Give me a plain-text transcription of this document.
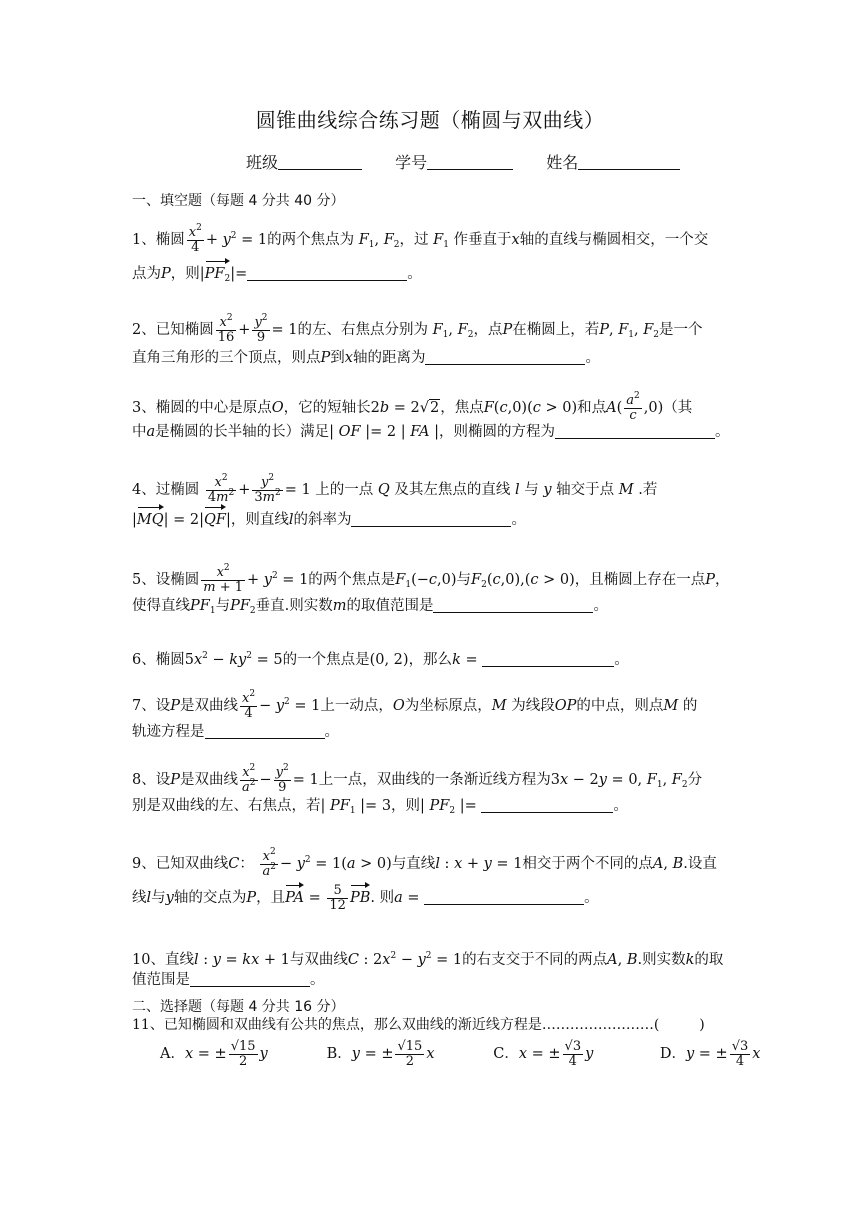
圆锥曲线综合练习题（椭圆与双曲线）
班级	学号	姓名
一、填空题（每题 4 分共 40 分）
1、椭圆 $\frac{x^2}{4} + y^2 = 1$的两个焦点为 $F_1$, $F_2$，过 $F_1$ 作垂直于x轴的直线与椭圆相交，一个交
点为P，则$|PF_2|=$	。
2、已知椭圆 $\frac{x^2}{16} + \frac{y^2}{9} = 1$的左、右焦点分别为 $F_1$, $F_2$，点P在椭圆上，若P, $F_1$, $F_2$是一个
直角三角形的三个顶点，则点P到x轴的距离为	。
3、椭圆的中心是原点O，它的短轴长2b = 2√2，焦点F(c,0)(c > 0)和点$A( \frac{a^2}{c} ,0)$（其
中a是椭圆的长半轴的长）满足| OF |= 2 | FA |，则椭圆的方程为	。
4、过椭圆 $\frac{x^2}{4m^2} + \frac{y^2}{3m^2} = 1$ 上的一点 Q 及其左焦点的直线 l 与 y 轴交于点 M .若
|MQ| = 2|QF|，则直线l的斜率为	。
5、设椭圆 $\frac{x^2}{m + 1} + y^2 = 1$的两个焦点是$F_1(-c,0)$与$F_2(c,0),(c > 0)$，且椭圆上存在一点P，
使得直线$PF_1$与$PF_2$垂直.则实数m的取值范围是	。
6、椭圆$5x^2 - ky^2 = 5$的一个焦点是(0, 2)，那么k =	。
7、设P是双曲线 $\frac{x^2}{4} - y^2 = 1$上一动点，O为坐标原点，M 为线段OP的中点，则点M 的
轨迹方程是	。
8、设P是双曲线 $\frac{x^2}{a^2} - \frac{y^2}{9} = 1$上一点，双曲线的一条渐近线方程为3x − 2y = 0, $F_1$, $F_2$分
别是双曲线的左、右焦点，若| $PF_1$ |= 3，则| $PF_2$ |=	。
9、已知双曲线C： $\frac{x^2}{a^2} - y^2 = 1(a > 0)$与直线l : x + y = 1相交于两个不同的点A, B.设直
线l与y轴的交点为P，且PA = $\frac{5}{12}$ PB. 则a =	。
10、直线l : y = kx + 1与双曲线C : $2x^2 - y^2 = 1$的右支交于不同的两点A, B.则实数k的取
值范围是	。
二、选择题（每题 4 分共 16 分）
11、已知椭圆和双曲线有公共的焦点，那么双曲线的渐近线方程是……………………(	)
A．x = ± $\frac{√15}{2}$ y	B．y = ± $\frac{√15}{2}$ x	C．x = ± $\frac{√3}{4}$ y	D．y = ± $\frac{√3}{4}$ x
